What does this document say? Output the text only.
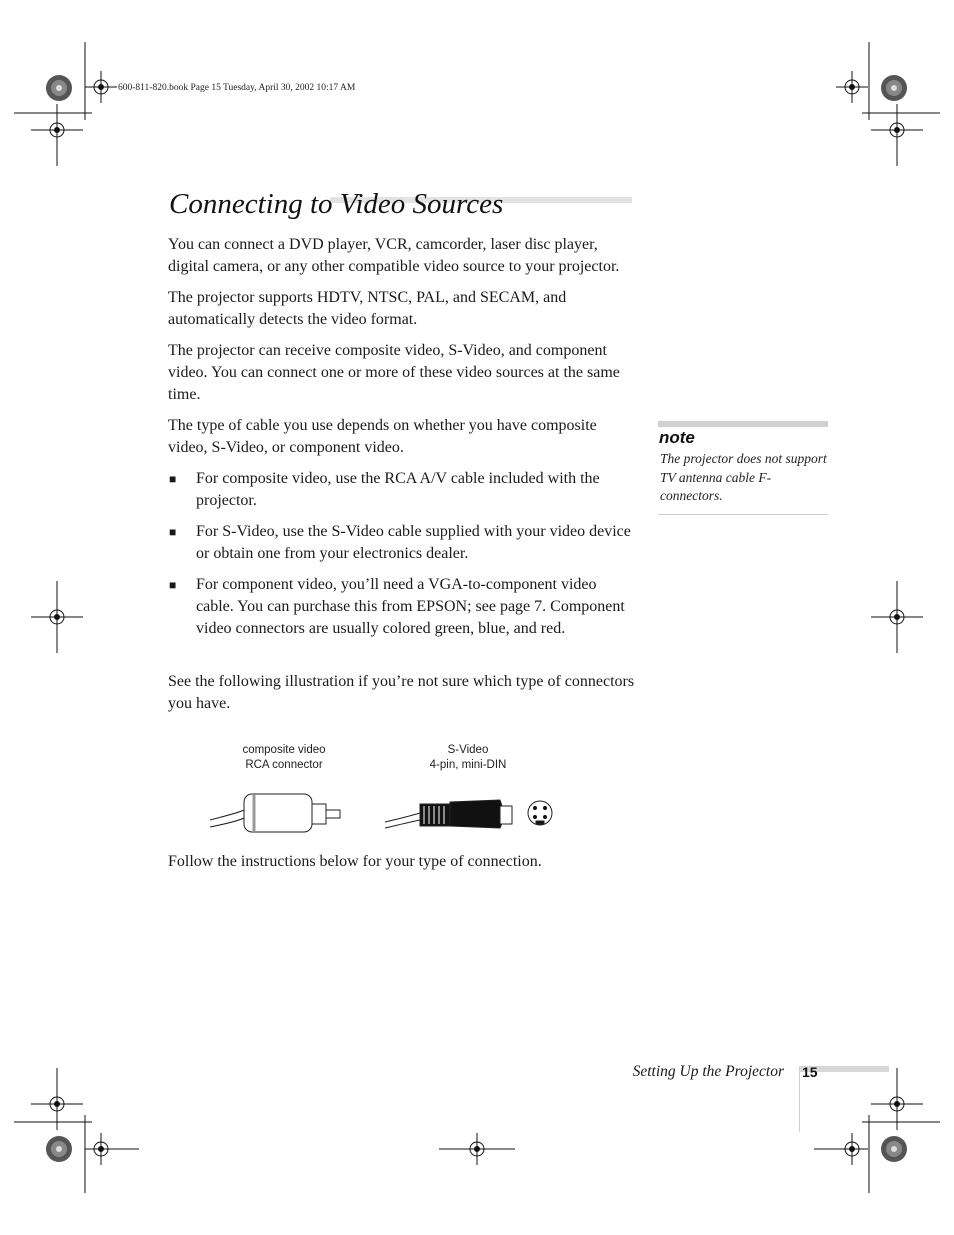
600-811-820.book Page 15 Tuesday, April 30, 2002 10:17 AM
Connecting to Video Sources
You can connect a DVD player, VCR, camcorder, laser disc player, digital camera, or any other compatible video source to your projector.
The projector supports HDTV, NTSC, PAL, and SECAM, and automatically detects the video format.
The projector can receive composite video, S-Video, and component video. You can connect one or more of these video sources at the same time.
The type of cable you use depends on whether you have composite video, S-Video, or component video.
■ For composite video, use the RCA A/V cable included with the projector.
■ For S-Video, use the S-Video cable supplied with your video device or obtain one from your electronics dealer.
■ For component video, you’ll need a VGA-to-component video cable. You can purchase this from EPSON; see page 7. Component video connectors are usually colored green, blue, and red.
See the following illustration if you’re not sure which type of connectors you have.
composite video
RCA connector
S-Video
4-pin, mini-DIN
Follow the instructions below for your type of connection.
note
The projector does not support TV antenna cable F-connectors.
Setting Up the Projector 15
